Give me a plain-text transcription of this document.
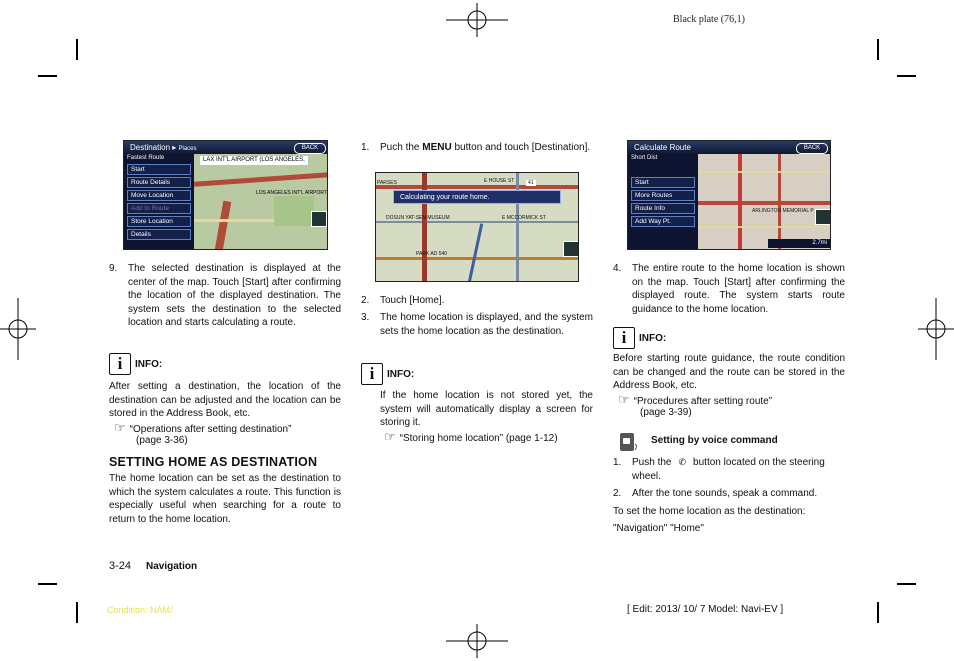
Black plate (76,1)
Destination ▸ Places	BACK
Fastest Route
Start
Route Details
Move Location
Add to Route
Store Location
Details
LAX INT'L AIRPORT (LOS ANGELES,
LOS ANGELES INT'L AIRPORT
9. The selected destination is displayed at the center of the map. Touch [Start] after confirming the location of the displayed destination. The system sets the destination to the selected location and starts calculating a route.
i	INFO:
After setting a destination, the location of the destination can be adjusted and the location can be stored in the Address Book, etc.
☞ “Operations after setting destination”
(page 3-36)
SETTING HOME AS DESTINATION
The home location can be set as the destination to which the system calculates a route. This function is especially useful when searching for a route to return to the home location.
1. Puch the MENU button and touch [Destination].
Calculating your route home.
PARSES	E HOUSE ST
DOSUN YAT-SEN MUSEUM	E MCCORMICK ST
PARK AD 540
41
2. Touch [Home].
3. The home location is displayed, and the system sets the home location as the destination.
i	INFO:
If the home location is not stored yet, the system will automatically display a screen for storing it.
☞ “Storing home location” (page 1-12)
Calculate Route	BACK
Short Dist
Start
More Routes
Route Info
Add Way Pt.
ARLINGTON MEMORIAL P
2.7mi
4. The entire route to the home location is shown on the map. Touch [Start] after confirming the displayed route. The system starts route guidance to the home location.
i	INFO:
Before starting route guidance, the route condition can be changed and the route can be stored in the Address Book, etc.
☞ “Procedures after setting route”
(page 3-39)
Setting by voice command
1. Push the ✆ button located on the steering wheel.
2. After the tone sounds, speak a command.
To set the home location as the destination:
"Navigation" "Home"
3-24 Navigation
Condition: NAM/	[ Edit: 2013/ 10/ 7 Model: Navi-EV ]
